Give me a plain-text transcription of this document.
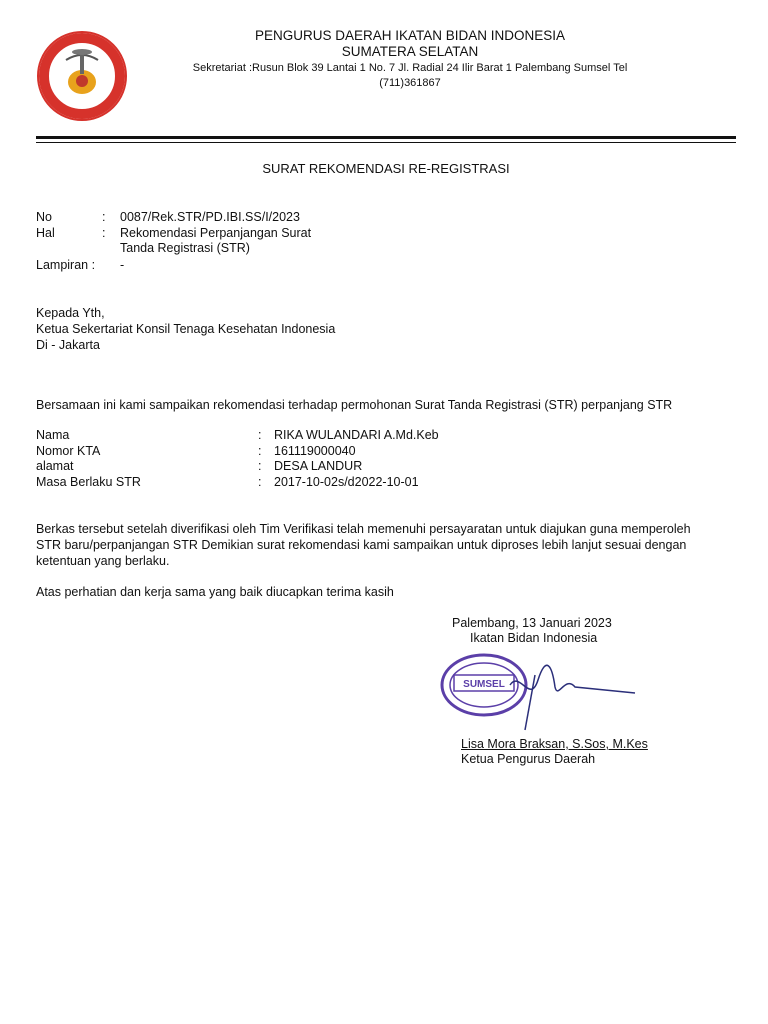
PENGURUS DAERAH IKATAN BIDAN INDONESIA
SUMATERA SELATAN
Sekretariat :Rusun Blok 39 Lantai 1 No. 7 Jl. Radial 24 Ilir Barat 1 Palembang Sumsel Tel
(711)361867
SURAT REKOMENDASI RE-REGISTRASI
No	: 0087/Rek.STR/PD.IBI.SS/I/2023
Hal	: Rekomendasi Perpanjangan Surat
Tanda Registrasi (STR)
Lampiran : -
Kepada Yth,
Ketua Sekertariat Konsil Tenaga Kesehatan Indonesia
Di - Jakarta
Bersamaan ini kami sampaikan rekomendasi terhadap permohonan Surat Tanda Registrasi (STR) perpanjang STR
Nama	: RIKA WULANDARI A.Md.Keb
Nomor KTA	: 161119000040
alamat	: DESA LANDUR
Masa Berlaku STR	: 2017-10-02s/d2022-10-01
Berkas tersebut setelah diverifikasi oleh Tim Verifikasi telah memenuhi persayaratan untuk diajukan guna memperoleh
STR baru/perpanjangan STR Demikian surat rekomendasi kami sampaikan untuk diproses lebih lanjut sesuai dengan
ketentuan yang berlaku.
Atas perhatian dan kerja sama yang baik diucapkan terima kasih
Palembang, 13 Januari 2023
Ikatan Bidan Indonesia
SUMSEL
Lisa Mora Braksan, S.Sos, M.Kes
Ketua Pengurus Daerah
